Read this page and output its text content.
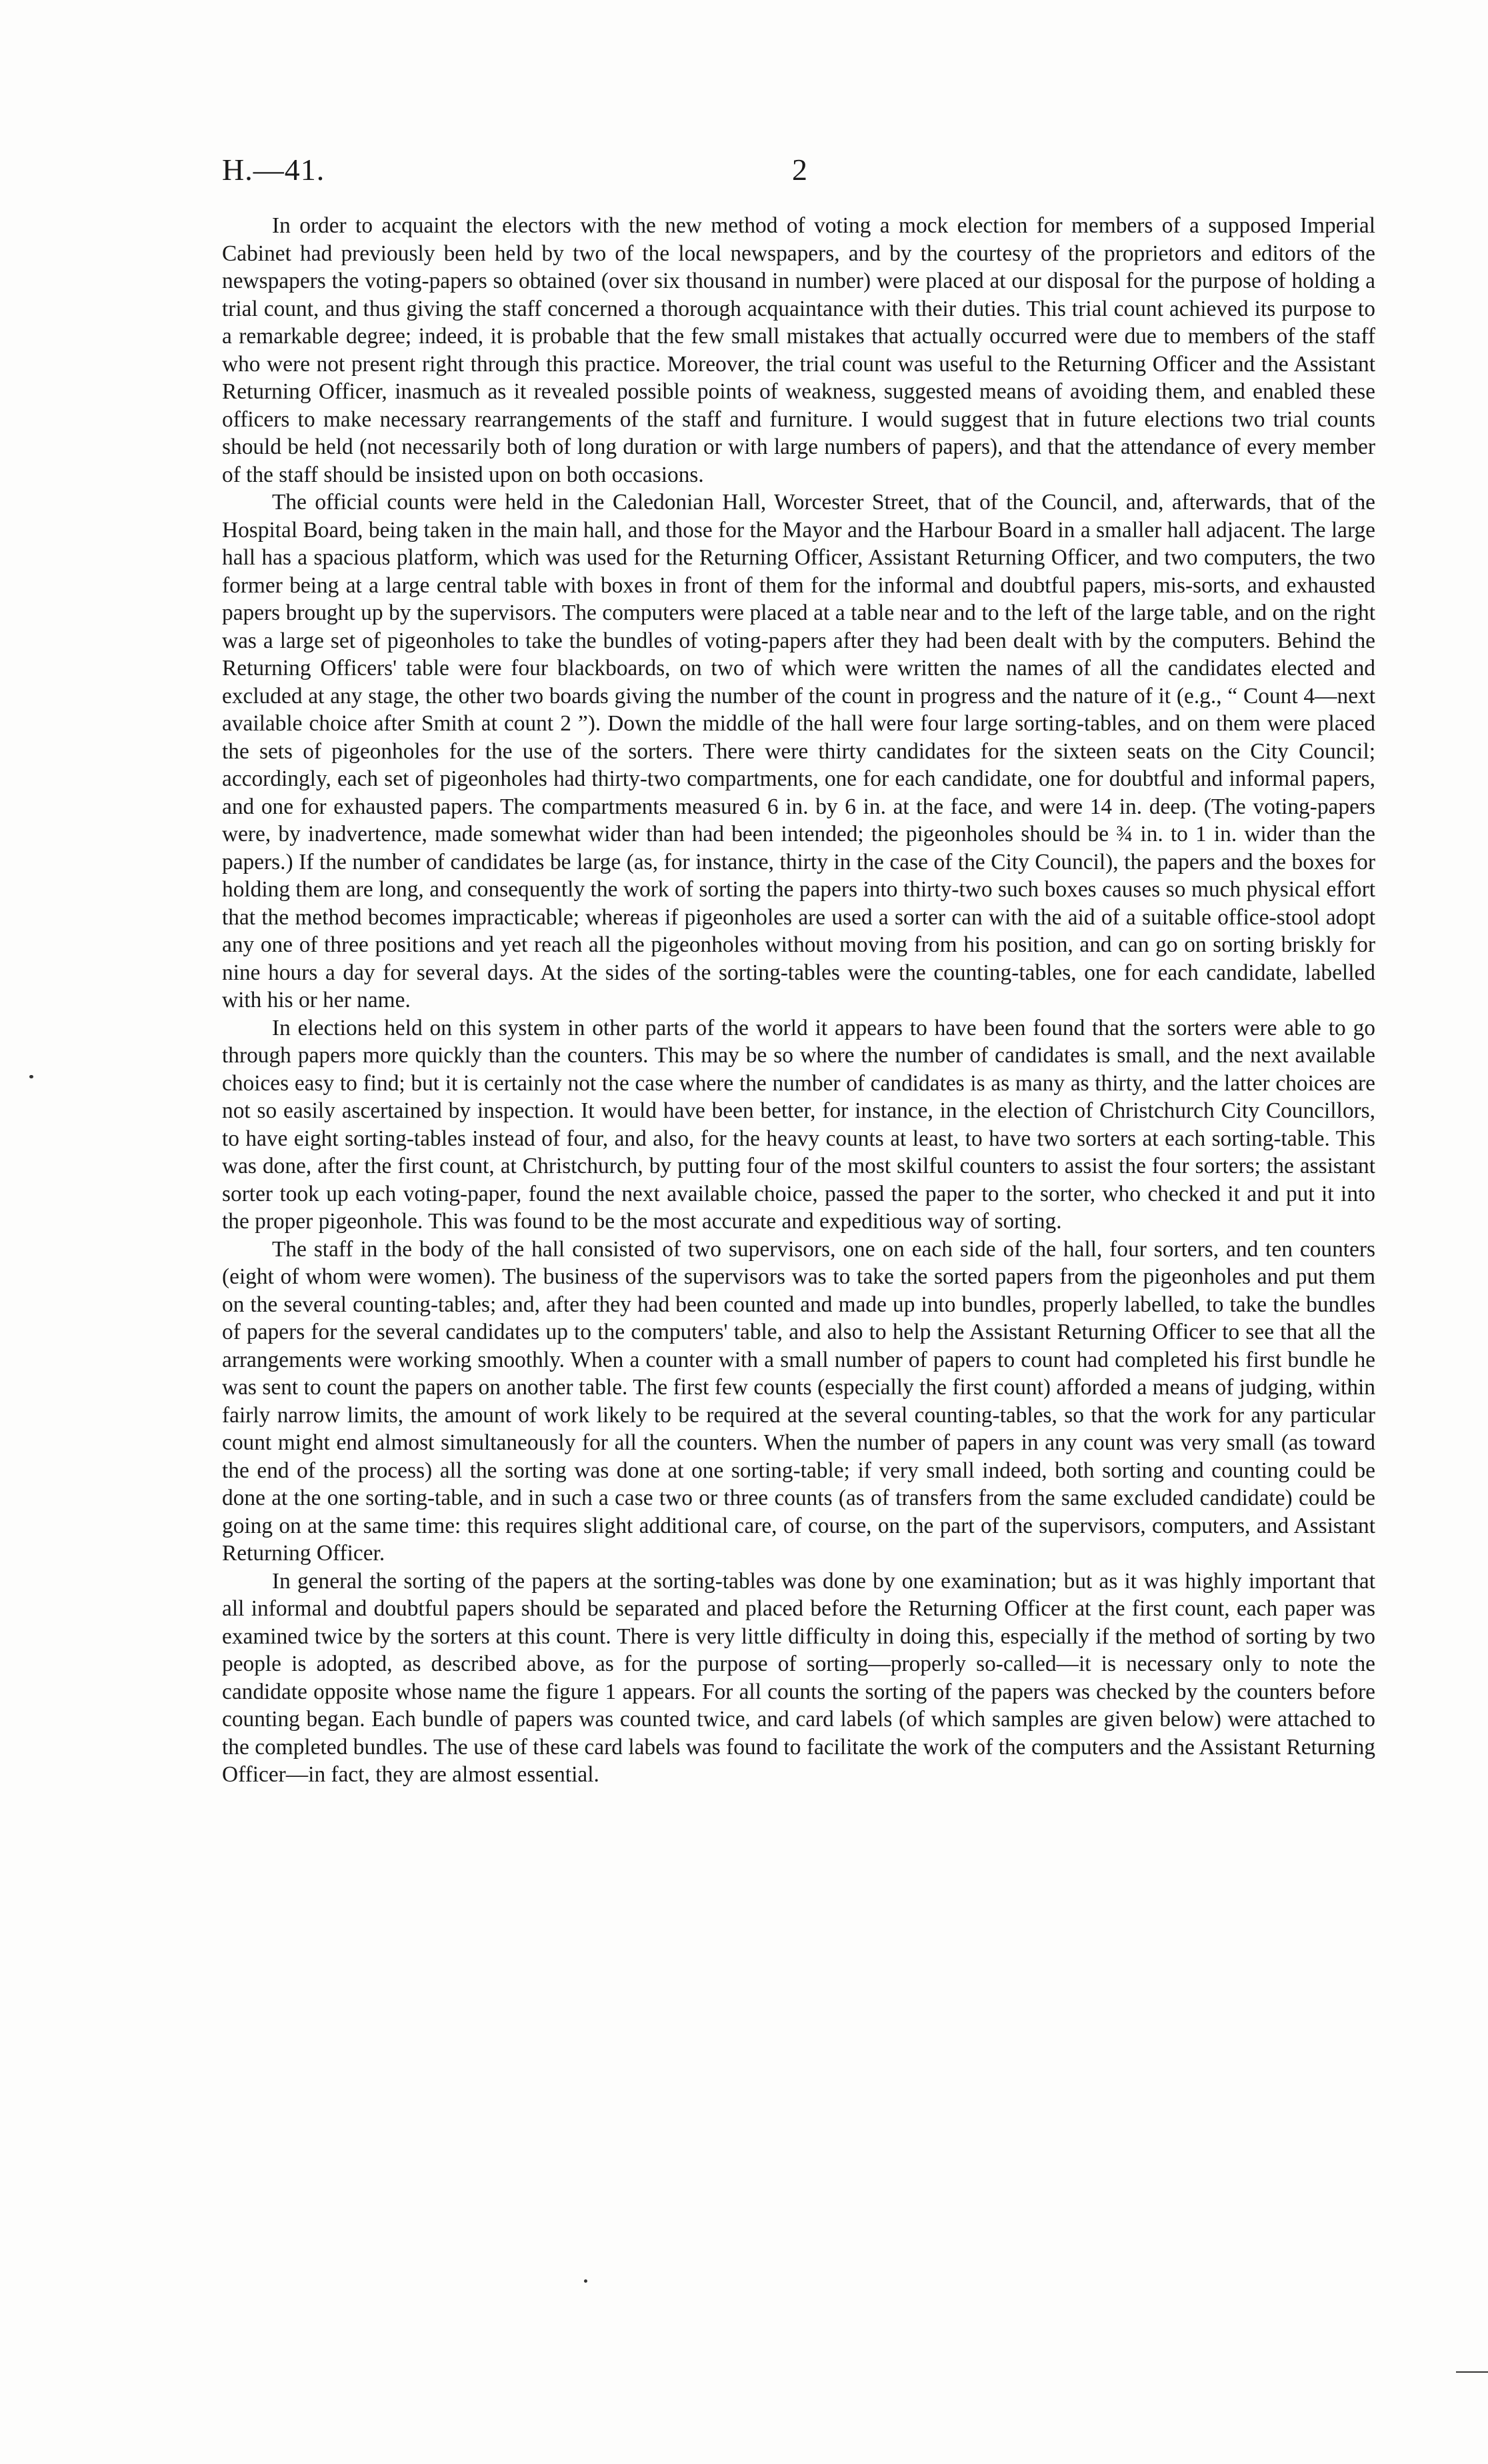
H.—41.	2

In order to acquaint the electors with the new method of voting a mock election for members of a supposed Imperial Cabinet had previously been held by two of the local newspapers, and by the courtesy of the proprietors and editors of the newspapers the voting-papers so obtained (over six thousand in number) were placed at our disposal for the purpose of holding a trial count, and thus giving the staff concerned a thorough acquaintance with their duties. This trial count achieved its purpose to a remarkable degree; indeed, it is probable that the few small mistakes that actually occurred were due to members of the staff who were not present right through this practice. Moreover, the trial count was useful to the Returning Officer and the Assistant Returning Officer, inasmuch as it revealed possible points of weakness, suggested means of avoiding them, and enabled these officers to make necessary rearrangements of the staff and furniture. I would suggest that in future elections two trial counts should be held (not necessarily both of long duration or with large numbers of papers), and that the attendance of every member of the staff should be insisted upon on both occasions.

The official counts were held in the Caledonian Hall, Worcester Street, that of the Council, and, afterwards, that of the Hospital Board, being taken in the main hall, and those for the Mayor and the Harbour Board in a smaller hall adjacent. The large hall has a spacious platform, which was used for the Returning Officer, Assistant Returning Officer, and two computers, the two former being at a large central table with boxes in front of them for the informal and doubtful papers, mis-sorts, and exhausted papers brought up by the supervisors. The computers were placed at a table near and to the left of the large table, and on the right was a large set of pigeonholes to take the bundles of voting-papers after they had been dealt with by the computers. Behind the Returning Officers' table were four blackboards, on two of which were written the names of all the candidates elected and excluded at any stage, the other two boards giving the number of the count in progress and the nature of it (e.g., “ Count 4—next available choice after Smith at count 2 ”). Down the middle of the hall were four large sorting-tables, and on them were placed the sets of pigeonholes for the use of the sorters. There were thirty candidates for the sixteen seats on the City Council; accordingly, each set of pigeonholes had thirty-two compartments, one for each candidate, one for doubtful and informal papers, and one for exhausted papers. The compartments measured 6 in. by 6 in. at the face, and were 14 in. deep. (The voting-papers were, by inadvertence, made somewhat wider than had been intended; the pigeonholes should be ¾ in. to 1 in. wider than the papers.) If the number of candidates be large (as, for instance, thirty in the case of the City Council), the papers and the boxes for holding them are long, and consequently the work of sorting the papers into thirty-two such boxes causes so much physical effort that the method becomes impracticable; whereas if pigeonholes are used a sorter can with the aid of a suitable office-stool adopt any one of three positions and yet reach all the pigeonholes without moving from his position, and can go on sorting briskly for nine hours a day for several days. At the sides of the sorting-tables were the counting-tables, one for each candidate, labelled with his or her name.

In elections held on this system in other parts of the world it appears to have been found that the sorters were able to go through papers more quickly than the counters. This may be so where the number of candidates is small, and the next available choices easy to find; but it is certainly not the case where the number of candidates is as many as thirty, and the latter choices are not so easily ascertained by inspection. It would have been better, for instance, in the election of Christchurch City Councillors, to have eight sorting-tables instead of four, and also, for the heavy counts at least, to have two sorters at each sorting-table. This was done, after the first count, at Christchurch, by putting four of the most skilful counters to assist the four sorters; the assistant sorter took up each voting-paper, found the next available choice, passed the paper to the sorter, who checked it and put it into the proper pigeonhole. This was found to be the most accurate and expeditious way of sorting.

The staff in the body of the hall consisted of two supervisors, one on each side of the hall, four sorters, and ten counters (eight of whom were women). The business of the supervisors was to take the sorted papers from the pigeonholes and put them on the several counting-tables; and, after they had been counted and made up into bundles, properly labelled, to take the bundles of papers for the several candidates up to the computers' table, and also to help the Assistant Returning Officer to see that all the arrangements were working smoothly. When a counter with a small number of papers to count had completed his first bundle he was sent to count the papers on another table. The first few counts (especially the first count) afforded a means of judging, within fairly narrow limits, the amount of work likely to be required at the several counting-tables, so that the work for any particular count might end almost simultaneously for all the counters. When the number of papers in any count was very small (as toward the end of the process) all the sorting was done at one sorting-table; if very small indeed, both sorting and counting could be done at the one sorting-table, and in such a case two or three counts (as of transfers from the same excluded candidate) could be going on at the same time: this requires slight additional care, of course, on the part of the supervisors, computers, and Assistant Returning Officer.

In general the sorting of the papers at the sorting-tables was done by one examination; but as it was highly important that all informal and doubtful papers should be separated and placed before the Returning Officer at the first count, each paper was examined twice by the sorters at this count. There is very little difficulty in doing this, especially if the method of sorting by two people is adopted, as described above, as for the purpose of sorting—properly so-called—it is necessary only to note the candidate opposite whose name the figure 1 appears. For all counts the sorting of the papers was checked by the counters before counting began. Each bundle of papers was counted twice, and card labels (of which samples are given below) were attached to the completed bundles. The use of these card labels was found to facilitate the work of the computers and the Assistant Returning Officer—in fact, they are almost essential.
